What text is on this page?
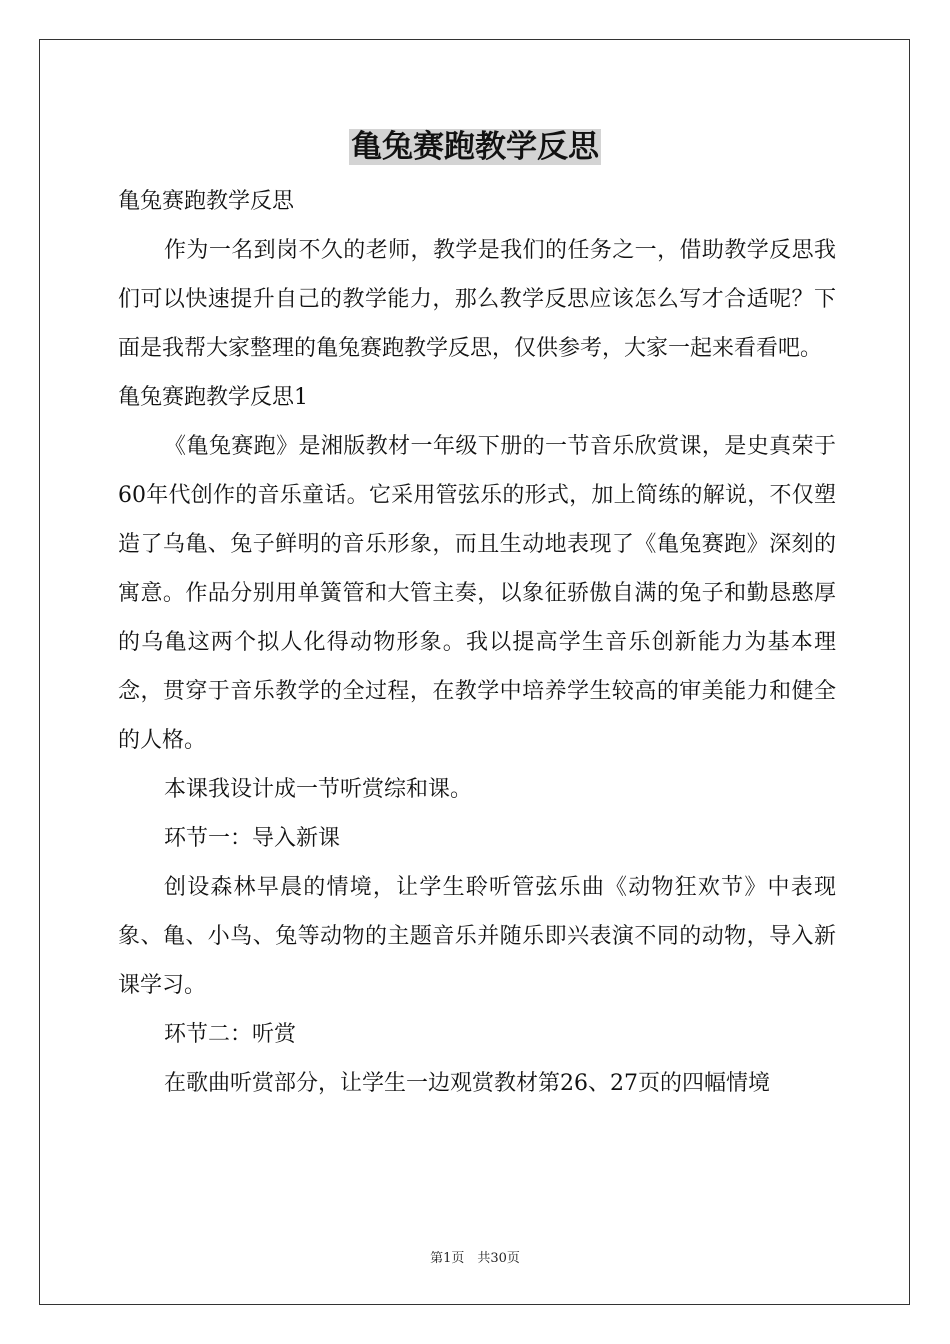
亀兔赛跑教学反思

亀兔赛跑教学反思

作为一名到岗不久的老师，教学是我们的任务之一，借助教学反思我们可以快速提升自己的教学能力，那么教学反思应该怎么写才合适呢？下面是我帮大家整理的亀兔赛跑教学反思，仅供参考，大家一起来看看吧。

亀兔赛跑教学反思1

《亀兔赛跑》是湘版教材一年级下册的一节音乐欣赏课，是史真荣于60年代创作的音乐童话。它采用管弦乐的形式，加上简练的解说，不仅塑造了乌亀、兔子鲜明的音乐形象，而且生动地表现了《亀兔赛跑》深刻的寓意。作品分别用单簧管和大管主奏，以象征骄傲自满的兔子和勤恳憨厚的乌亀这两个拟人化得动物形象。我以提高学生音乐创新能力为基本理念，贯穿于音乐教学的全过程，在教学中培养学生较高的审美能力和健全的人格。

本课我设计成一节听赏综和课。

环节一：导入新课

创设森林早晨的情境，让学生聆听管弦乐曲《动物狂欢节》中表现象、亀、小鸟、兔等动物的主题音乐并随乐即兴表演不同的动物，导入新课学习。

环节二：听赏

在歌曲听赏部分，让学生一边观赏教材第26、27页的四幅情境

第1页　共30页
